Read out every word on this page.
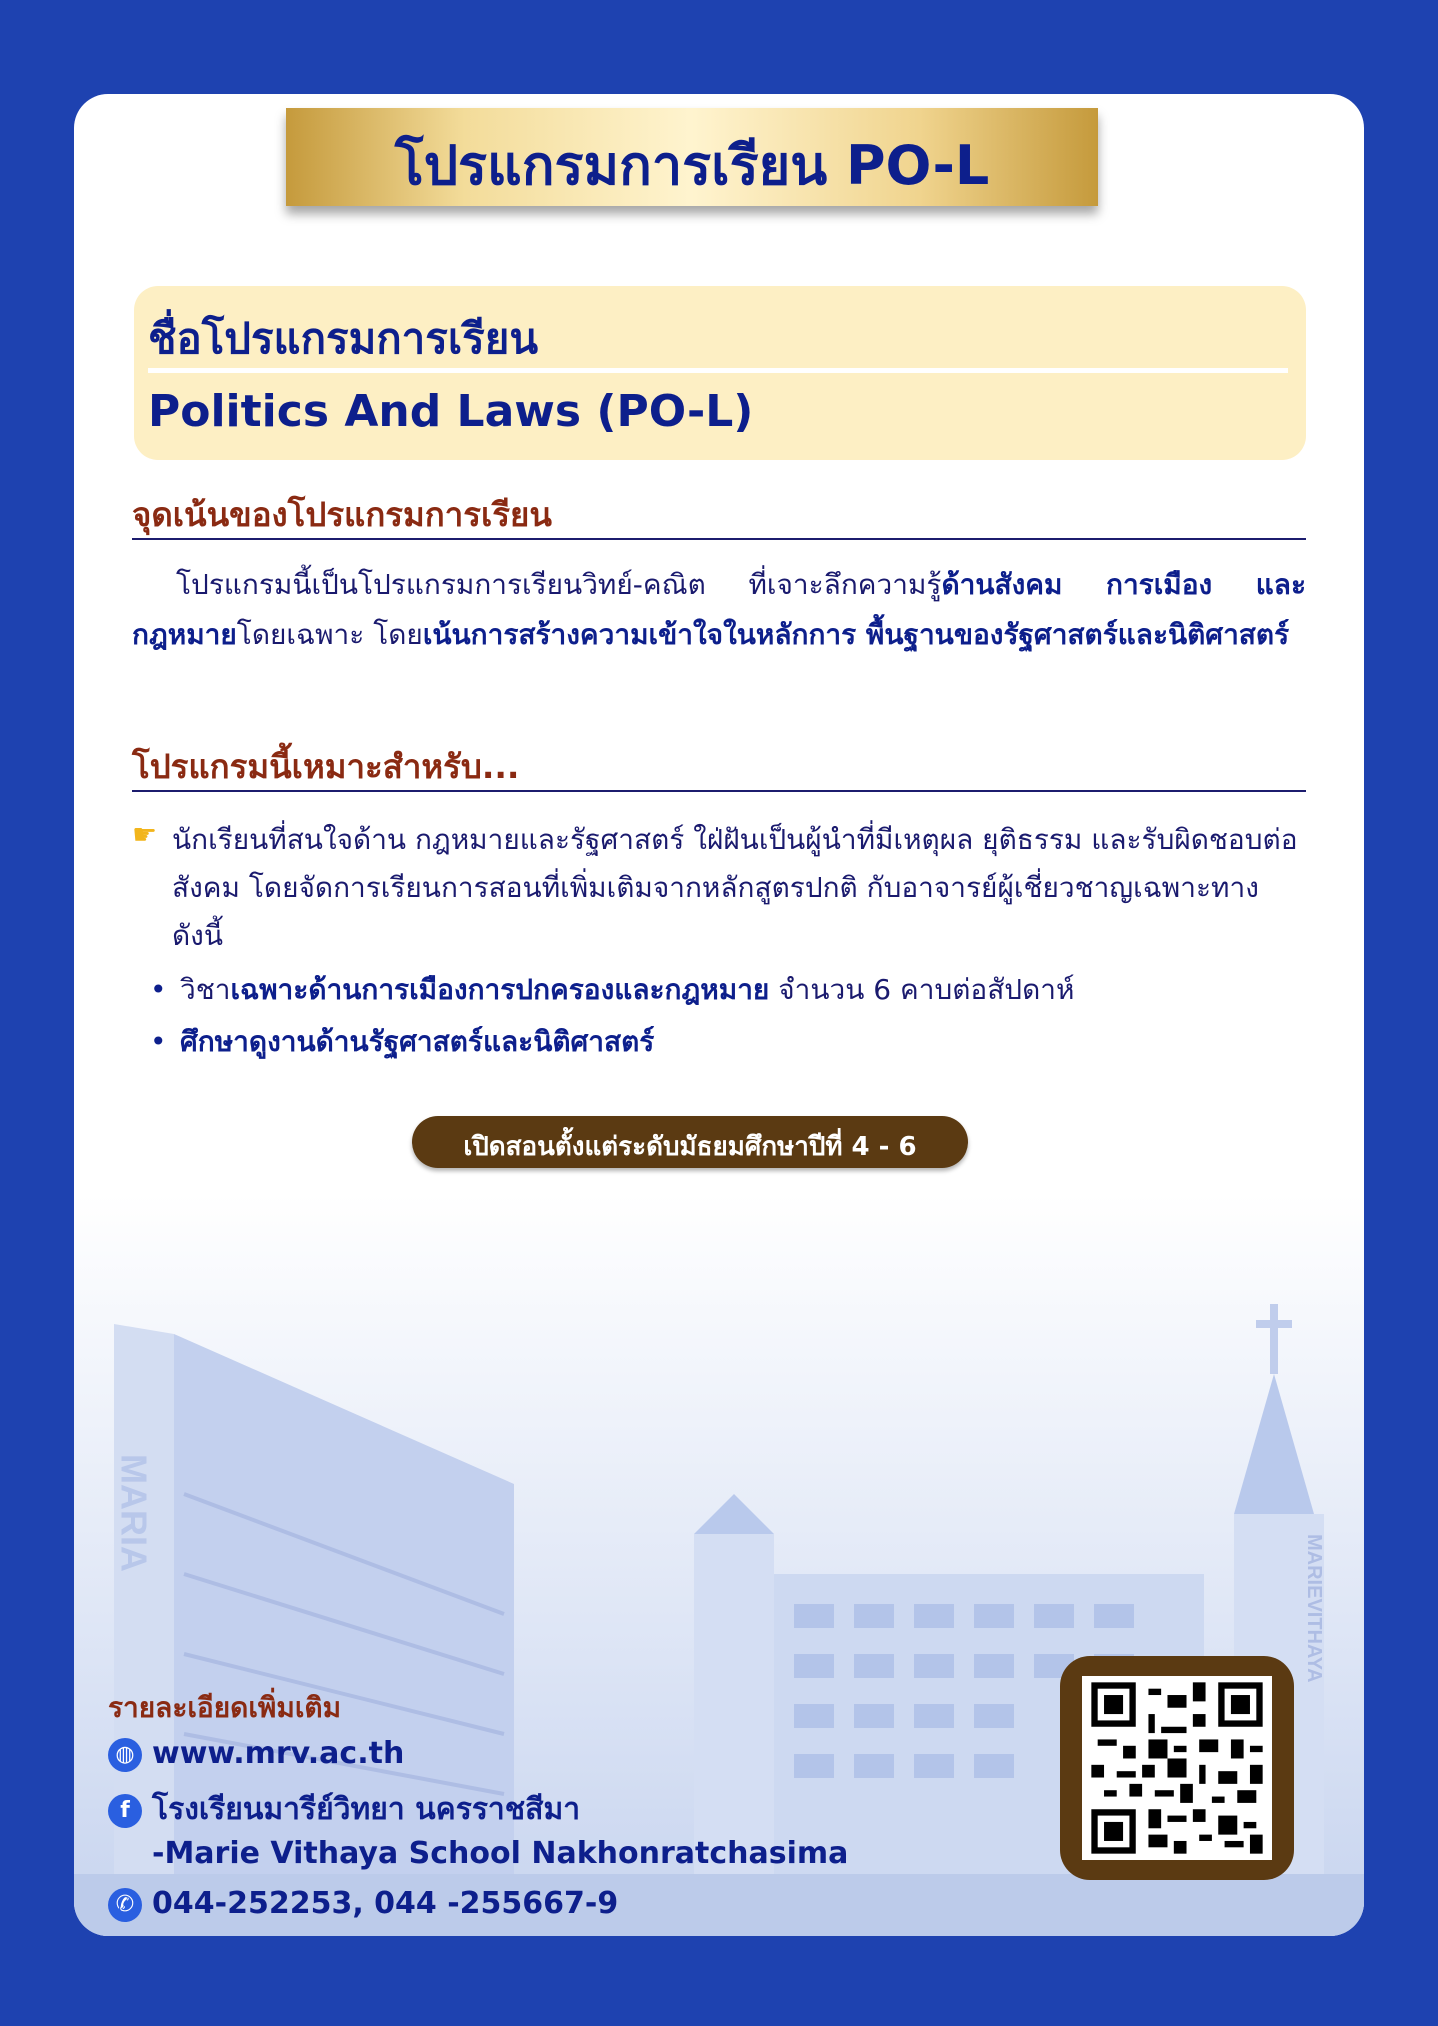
MARIA
MARIEVITHAYA
โปรแกรมการเรียน PO-L
ชื่อโปรแกรมการเรียน
Politics And Laws (PO-L)
จุดเน้นของโปรแกรมการเรียน
โปรแกรมนี้เป็นโปรแกรมการเรียนวิทย์-คณิต ที่เจาะลึกความรู้ด้านสังคม การเมือง และ กฎหมายโดยเฉพาะ โดยเน้นการสร้างความเข้าใจในหลักการ พื้นฐานของรัฐศาสตร์และนิติศาสตร์
โปรแกรมนี้เหมาะสำหรับ...
☛ นักเรียนที่สนใจด้าน กฎหมายและรัฐศาสตร์ ใฝ่ฝันเป็นผู้นำที่มีเหตุผล ยุติธรรม และรับผิดชอบต่อสังคม โดยจัดการเรียนการสอนที่เพิ่มเติมจากหลักสูตรปกติ กับอาจารย์ผู้เชี่ยวชาญเฉพาะทาง ดังนี้
• วิชาเฉพาะด้านการเมืองการปกครองและกฎหมาย จำนวน 6 คาบต่อสัปดาห์
• ศึกษาดูงานด้านรัฐศาสตร์และนิติศาสตร์
เปิดสอนตั้งแต่ระดับมัธยมศึกษาปีที่ 4 - 6
รายละเอียดเพิ่มเติม
◍ www.mrv.ac.th
f โรงเรียนมารีย์วิทยา นครราชสีมา
-Marie Vithaya School Nakhonratchasima
✆ 044-252253, 044 -255667-9
